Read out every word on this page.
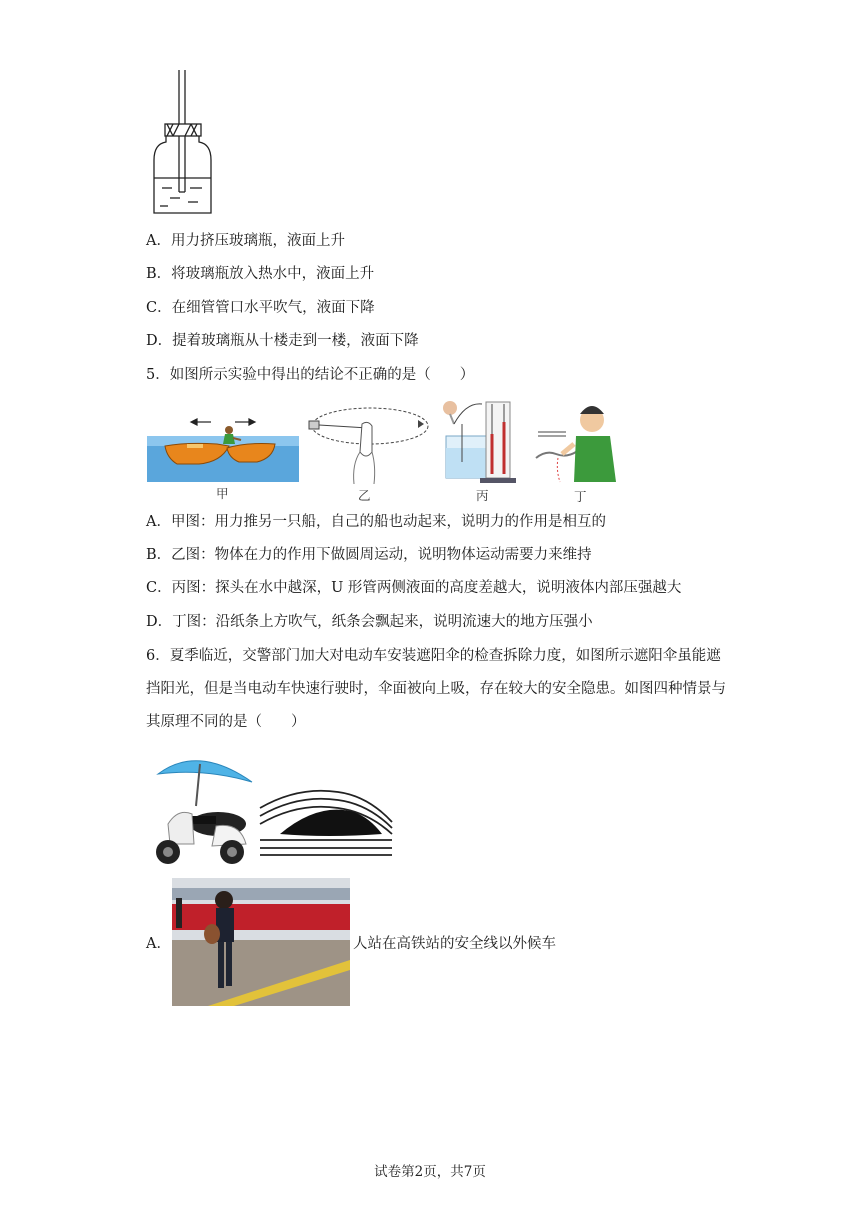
A．用力挤压玻璃瓶，液面上升
B．将玻璃瓶放入热水中，液面上升
C．在细管管口水平吹气，液面下降
D．提着玻璃瓶从十楼走到一楼，液面下降
5．如图所示实验中得出的结论不正确的是（　　）
甲	乙	丙	丁
A．甲图：用力推另一只船，自己的船也动起来，说明力的作用是相互的
B．乙图：物体在力的作用下做圆周运动，说明物体运动需要力来维持
C．丙图：探头在水中越深，U 形管两侧液面的高度差越大，说明液体内部压强越大
D．丁图：沿纸条上方吹气，纸条会飘起来，说明流速大的地方压强小
6．夏季临近，交警部门加大对电动车安装遮阳伞的检查拆除力度，如图所示遮阳伞虽能遮挡阳光，但是当电动车快速行驶时，伞面被向上吸，存在较大的安全隐患。如图四种情景与其原理不同的是（　　）
A．	人站在高铁站的安全线以外候车
试卷第2页，共7页
